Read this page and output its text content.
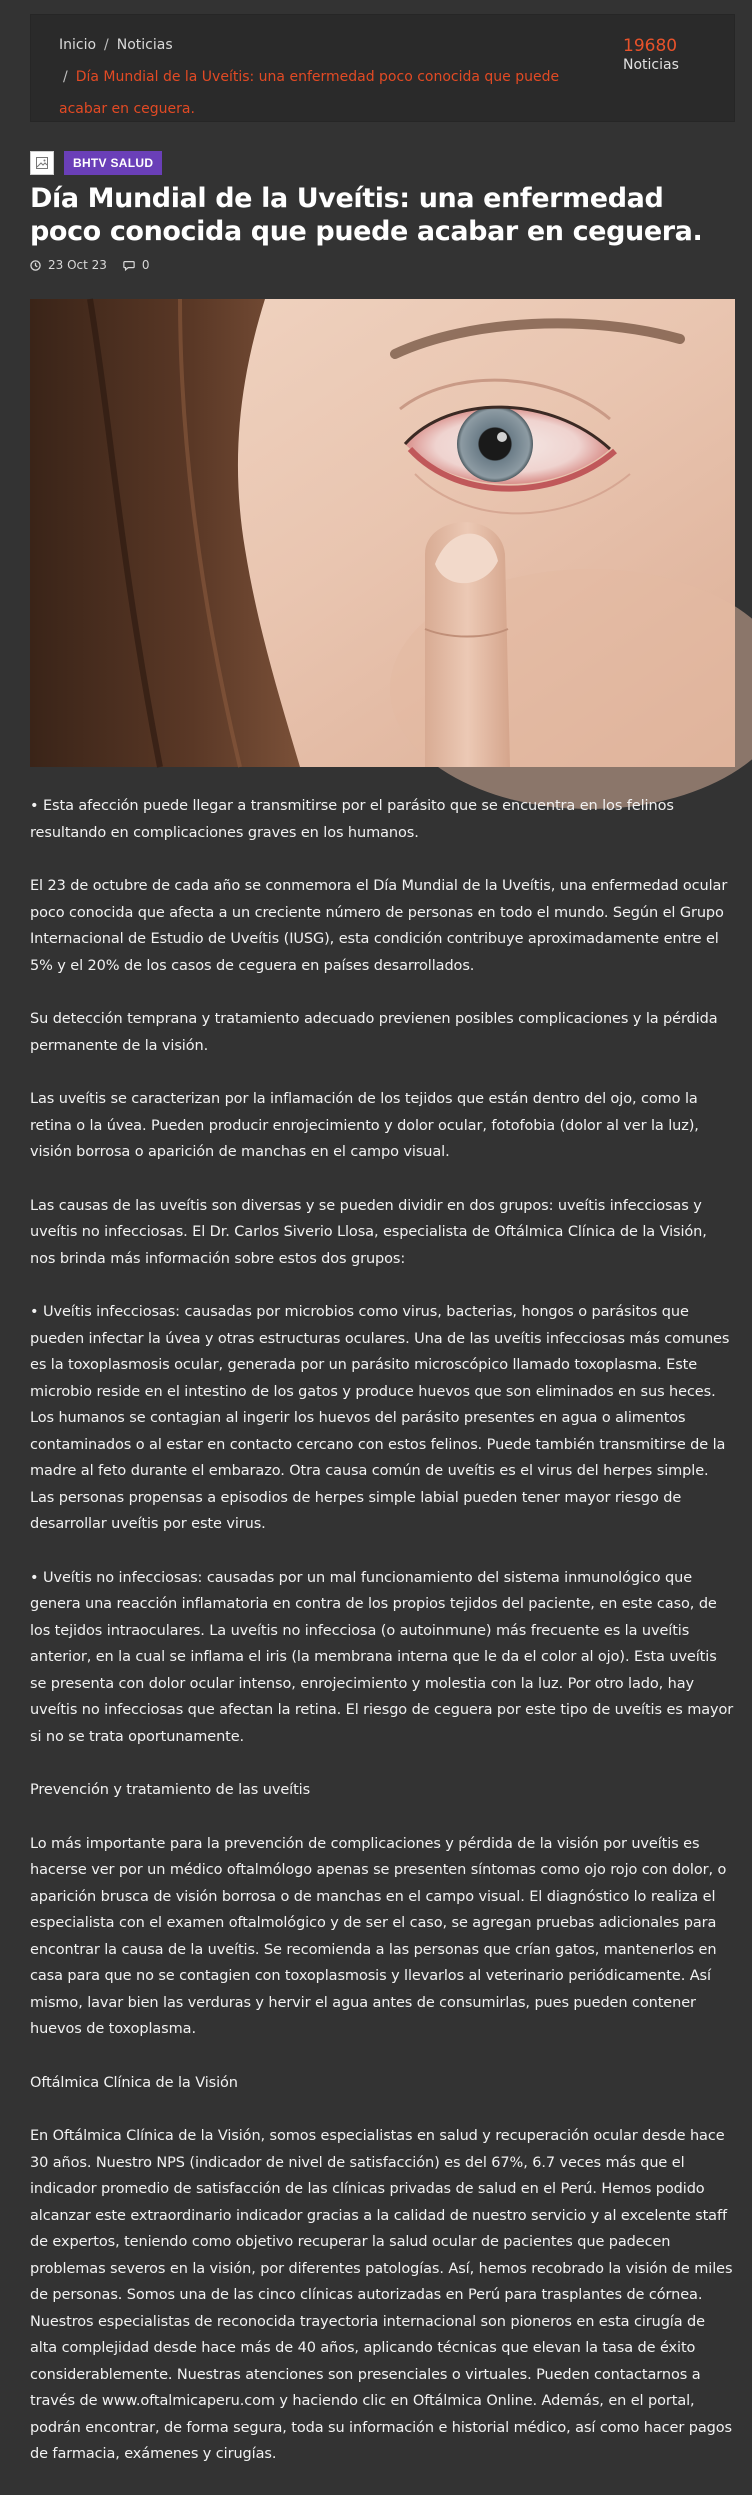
Inicio / Noticias
/ Día Mundial de la Uveítis: una enfermedad poco conocida que puede acabar en ceguera.
19680
Noticias
BHTV SALUD
Día Mundial de la Uveítis: una enfermedad poco conocida que puede acabar en ceguera.
23 Oct 23	0

• Esta afección puede llegar a transmitirse por el parásito que se encuentra en los felinos resultando en complicaciones graves en los humanos.

El 23 de octubre de cada año se conmemora el Día Mundial de la Uveítis, una enfermedad ocular poco conocida que afecta a un creciente número de personas en todo el mundo. Según el Grupo Internacional de Estudio de Uveítis (IUSG), esta condición contribuye aproximadamente entre el 5% y el 20% de los casos de ceguera en países desarrollados.

Su detección temprana y tratamiento adecuado previenen posibles complicaciones y la pérdida permanente de la visión.

Las uveítis se caracterizan por la inflamación de los tejidos que están dentro del ojo, como la retina o la úvea. Pueden producir enrojecimiento y dolor ocular, fotofobia (dolor al ver la luz), visión borrosa o aparición de manchas en el campo visual.

Las causas de las uveítis son diversas y se pueden dividir en dos grupos: uveítis infecciosas y uveítis no infecciosas. El Dr. Carlos Siverio Llosa, especialista de Oftálmica Clínica de la Visión, nos brinda más información sobre estos dos grupos:

• Uveítis infecciosas: causadas por microbios como virus, bacterias, hongos o parásitos que pueden infectar la úvea y otras estructuras oculares. Una de las uveítis infecciosas más comunes es la toxoplasmosis ocular, generada por un parásito microscópico llamado toxoplasma. Este microbio reside en el intestino de los gatos y produce huevos que son eliminados en sus heces. Los humanos se contagian al ingerir los huevos del parásito presentes en agua o alimentos contaminados o al estar en contacto cercano con estos felinos. Puede también transmitirse de la madre al feto durante el embarazo. Otra causa común de uveítis es el virus del herpes simple. Las personas propensas a episodios de herpes simple labial pueden tener mayor riesgo de desarrollar uveítis por este virus.

• Uveítis no infecciosas: causadas por un mal funcionamiento del sistema inmunológico que genera una reacción inflamatoria en contra de los propios tejidos del paciente, en este caso, de los tejidos intraoculares. La uveítis no infecciosa (o autoinmune) más frecuente es la uveítis anterior, en la cual se inflama el iris (la membrana interna que le da el color al ojo). Esta uveítis se presenta con dolor ocular intenso, enrojecimiento y molestia con la luz. Por otro lado, hay uveítis no infecciosas que afectan la retina. El riesgo de ceguera por este tipo de uveítis es mayor si no se trata oportunamente.

Prevención y tratamiento de las uveítis

Lo más importante para la prevención de complicaciones y pérdida de la visión por uveítis es hacerse ver por un médico oftalmólogo apenas se presenten síntomas como ojo rojo con dolor, o aparición brusca de visión borrosa o de manchas en el campo visual. El diagnóstico lo realiza el especialista con el examen oftalmológico y de ser el caso, se agregan pruebas adicionales para encontrar la causa de la uveítis. Se recomienda a las personas que crían gatos, mantenerlos en casa para que no se contagien con toxoplasmosis y llevarlos al veterinario periódicamente. Así mismo, lavar bien las verduras y hervir el agua antes de consumirlas, pues pueden contener huevos de toxoplasma.

Oftálmica Clínica de la Visión

En Oftálmica Clínica de la Visión, somos especialistas en salud y recuperación ocular desde hace 30 años. Nuestro NPS (indicador de nivel de satisfacción) es del 67%, 6.7 veces más que el indicador promedio de satisfacción de las clínicas privadas de salud en el Perú. Hemos podido alcanzar este extraordinario indicador gracias a la calidad de nuestro servicio y al excelente staff de expertos, teniendo como objetivo recuperar la salud ocular de pacientes que padecen problemas severos en la visión, por diferentes patologías. Así, hemos recobrado la visión de miles de personas. Somos una de las cinco clínicas autorizadas en Perú para trasplantes de córnea. Nuestros especialistas de reconocida trayectoria internacional son pioneros en esta cirugía de alta complejidad desde hace más de 40 años, aplicando técnicas que elevan la tasa de éxito considerablemente. Nuestras atenciones son presenciales o virtuales. Pueden contactarnos a través de www.oftalmicaperu.com y haciendo clic en Oftálmica Online. Además, en el portal, podrán encontrar, de forma segura, toda su información e historial médico, así como hacer pagos de farmacia, exámenes y cirugías.
